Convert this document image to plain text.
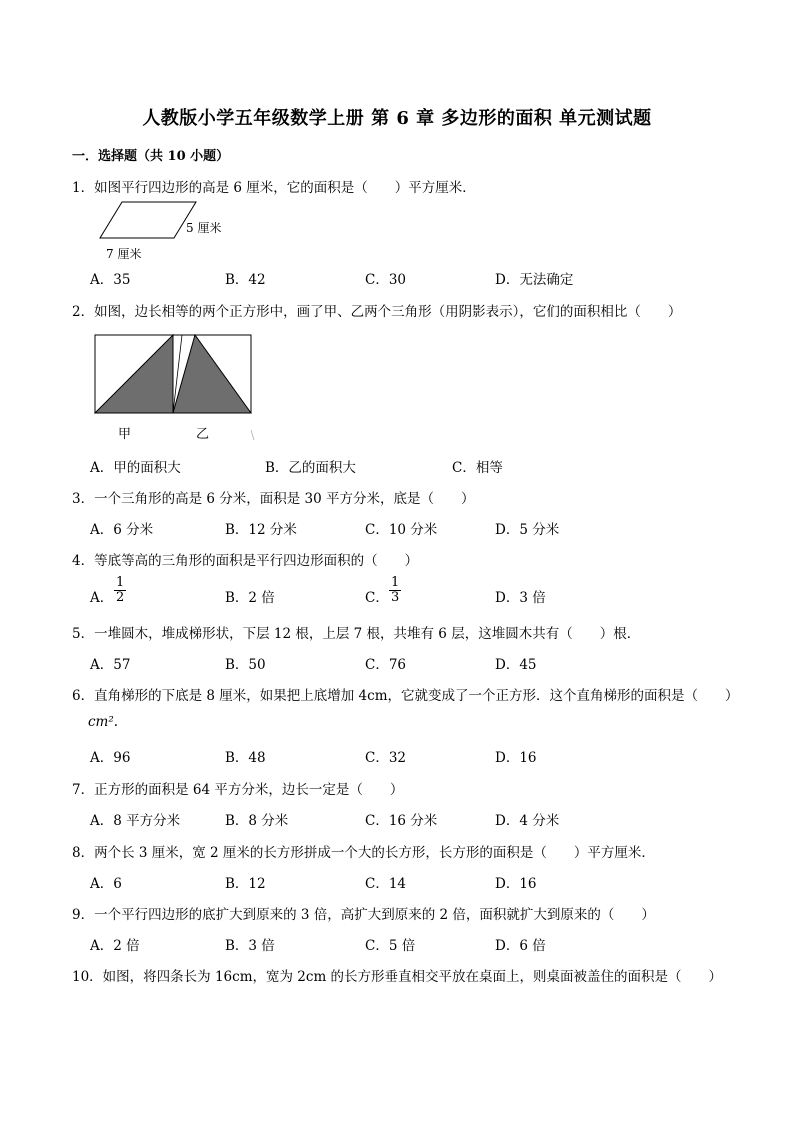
人教版小学五年级数学上册 第 6 章 多边形的面积 单元测试题
一．选择题（共 10 小题）
1．如图平行四边形的高是 6 厘米，它的面积是（　　）平方厘米．
5 厘米
7 厘米
A．35	B．42	C．30	D．无法确定
2．如图，边长相等的两个正方形中，画了甲、乙两个三角形（用阴影表示），它们的面积相比（　　）
甲	乙
A．甲的面积大	B．乙的面积大	C．相等
3．一个三角形的高是 6 分米，面积是 30 平方分米，底是（　　）
A．6 分米	B．12 分米	C．10 分米	D．5 分米
4．等底等高的三角形的面积是平行四边形面积的（　　）
A． $\frac{1}{2}$	B．2 倍	C． $\frac{1}{3}$	D．3 倍
5．一堆圆木，堆成梯形状，下层 12 根，上层 7 根，共堆有 6 层，这堆圆木共有（　　）根．
A．57	B．50	C．76	D．45
6．直角梯形的下底是 8 厘米，如果把上底增加 4cm，它就变成了一个正方形．这个直角梯形的面积是（　　）
cm².
A．96	B．48	C．32	D．16
7．正方形的面积是 64 平方分米，边长一定是（　　）
A．8 平方分米	B．8 分米	C．16 分米	D．4 分米
8．两个长 3 厘米，宽 2 厘米的长方形拼成一个大的长方形，长方形的面积是（　　）平方厘米．
A．6	B．12	C．14	D．16
9．一个平行四边形的底扩大到原来的 3 倍，高扩大到原来的 2 倍，面积就扩大到原来的（　　）
A．2 倍	B．3 倍	C．5 倍	D．6 倍
10．如图，将四条长为 16cm，宽为 2cm 的长方形垂直相交平放在桌面上，则桌面被盖住的面积是（　　）
